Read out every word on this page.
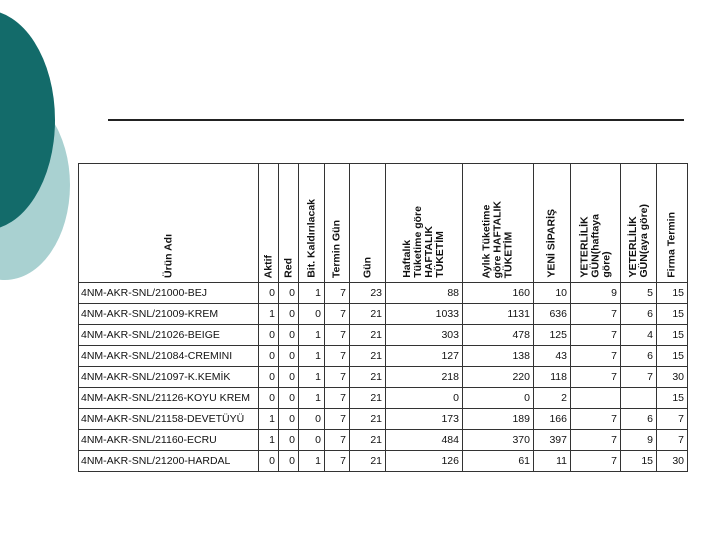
Ürün Adı	Aktif	Red	Bit. Kaldırılacak	Termin Gün	Gün	Haftalık
Tüketime göre
HAFTALIK
TÜKETİM	Aylık Tüketime
göre HAFTALIK
TÜKETİM	YENİ SİPARİŞ	YETERLİLİK
GÜN(haftaya
göre)	YETERLİLİK
GÜN(aya göre)	Firma Termin

4NM-AKR-SNL/21000-BEJ	0	0	1	7	23	88	160	10	9	5	15
4NM-AKR-SNL/21009-KREM	1	0	0	7	21	1033	1131	636	7	6	15
4NM-AKR-SNL/21026-BEIGE	0	0	1	7	21	303	478	125	7	4	15
4NM-AKR-SNL/21084-CREMINI	0	0	1	7	21	127	138	43	7	6	15
4NM-AKR-SNL/21097-K.KEMİK	0	0	1	7	21	218	220	118	7	7	30
4NM-AKR-SNL/21126-KOYU KREM	0	0	1	7	21	0	0	2			15
4NM-AKR-SNL/21158-DEVETÜYÜ	1	0	0	7	21	173	189	166	7	6	7
4NM-AKR-SNL/21160-ECRU	1	0	0	7	21	484	370	397	7	9	7
4NM-AKR-SNL/21200-HARDAL	0	0	1	7	21	126	61	11	7	15	30
